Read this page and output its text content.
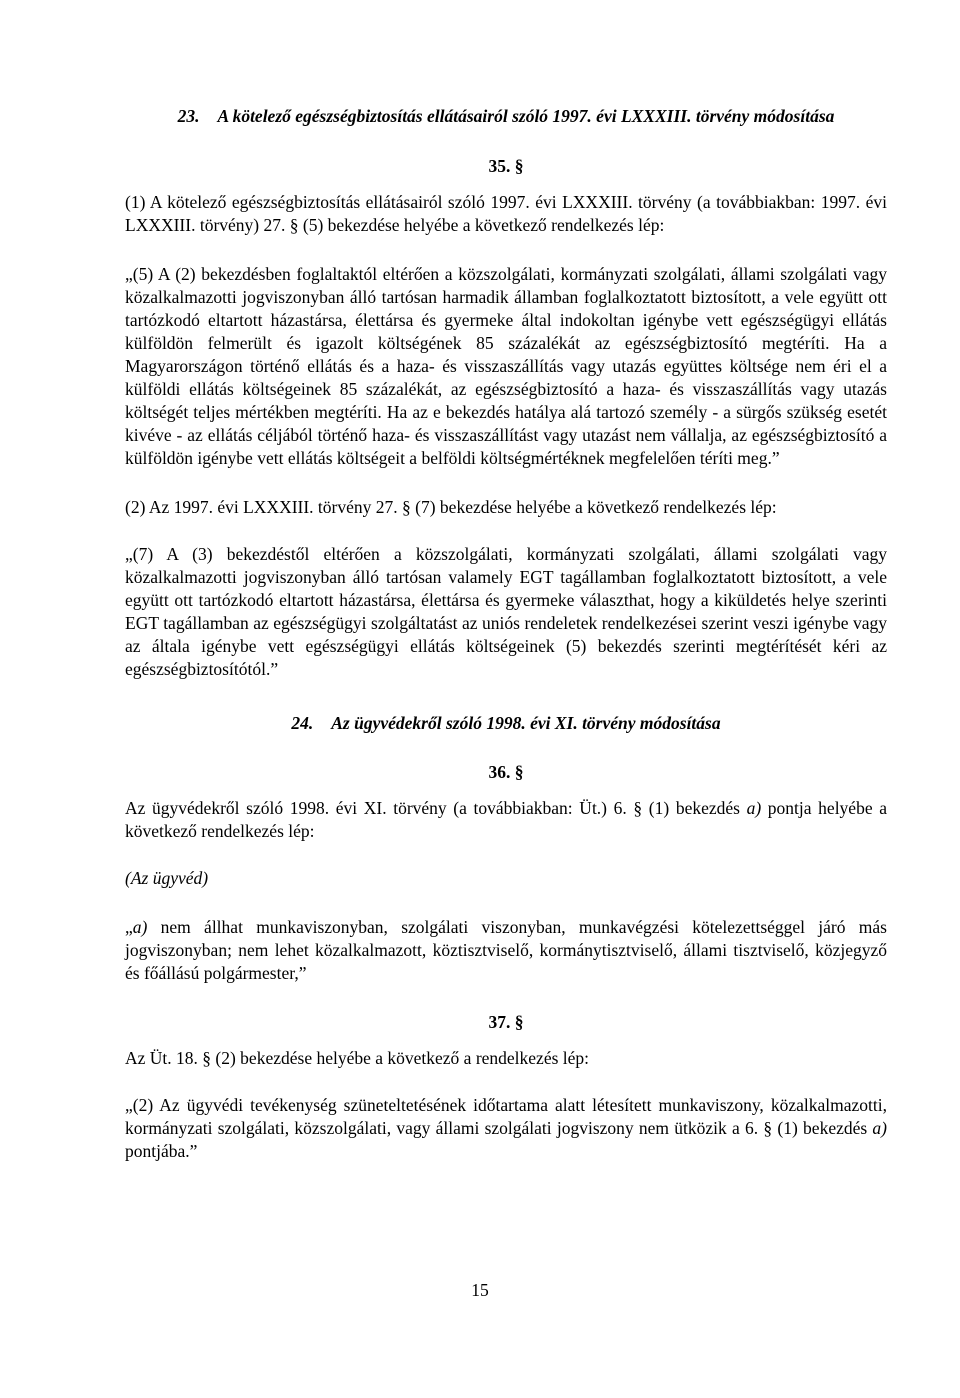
23. A kötelező egészségbiztosítás ellátásairól szóló 1997. évi LXXXIII. törvény módosítása
35. §

(1) A kötelező egészségbiztosítás ellátásairól szóló 1997. évi LXXXIII. törvény (a továbbiakban: 1997. évi LXXXIII. törvény) 27. § (5) bekezdése helyébe a következő rendelkezés lép:

„(5) A (2) bekezdésben foglaltaktól eltérően a közszolgálati, kormányzati szolgálati, állami szolgálati vagy közalkalmazotti jogviszonyban álló tartósan harmadik államban foglalkoztatott biztosított, a vele együtt ott tartózkodó eltartott házastársa, élettársa és gyermeke által indokoltan igénybe vett egészségügyi ellátás külföldön felmerült és igazolt költségének 85 százalékát az egészségbiztosító megtéríti. Ha a Magyarországon történő ellátás és a haza- és visszaszállítás vagy utazás együttes költsége nem éri el a külföldi ellátás költségeinek 85 százalékát, az egészségbiztosító a haza- és visszaszállítás vagy utazás költségét teljes mértékben megtéríti. Ha az e bekezdés hatálya alá tartozó személy - a sürgős szükség esetét kivéve - az ellátás céljából történő haza- és visszaszállítást vagy utazást nem vállalja, az egészségbiztosító a külföldön igénybe vett ellátás költségeit a belföldi költségmértéknek megfelelően téríti meg.”

(2) Az 1997. évi LXXXIII. törvény 27. § (7) bekezdése helyébe a következő rendelkezés lép:

„(7) A (3) bekezdéstől eltérően a közszolgálati, kormányzati szolgálati, állami szolgálati vagy közalkalmazotti jogviszonyban álló tartósan valamely EGT tagállamban foglalkoztatott biztosított, a vele együtt ott tartózkodó eltartott házastársa, élettársa és gyermeke választhat, hogy a kiküldetés helye szerinti EGT tagállamban az egészségügyi szolgáltatást az uniós rendeletek rendelkezései szerint veszi igénybe vagy az általa igénybe vett egészségügyi ellátás költségeinek (5) bekezdés szerinti megtérítését kéri az egészségbiztosítótól.”

24. Az ügyvédekről szóló 1998. évi XI. törvény módosítása
36. §

Az ügyvédekről szóló 1998. évi XI. törvény (a továbbiakban: Üt.) 6. § (1) bekezdés a) pontja helyébe a következő rendelkezés lép:

(Az ügyvéd)

„a) nem állhat munkaviszonyban, szolgálati viszonyban, munkavégzési kötelezettséggel járó más jogviszonyban; nem lehet közalkalmazott, köztisztviselő, kormánytisztviselő, állami tisztviselő, közjegyző és főállású polgármester,”

37. §

Az Üt. 18. § (2) bekezdése helyébe a következő a rendelkezés lép:

„(2) Az ügyvédi tevékenység szüneteltetésének időtartama alatt létesített munkaviszony, közalkalmazotti, kormányzati szolgálati, közszolgálati, vagy állami szolgálati jogviszony nem ütközik a 6. § (1) bekezdés a) pontjába.”

15
